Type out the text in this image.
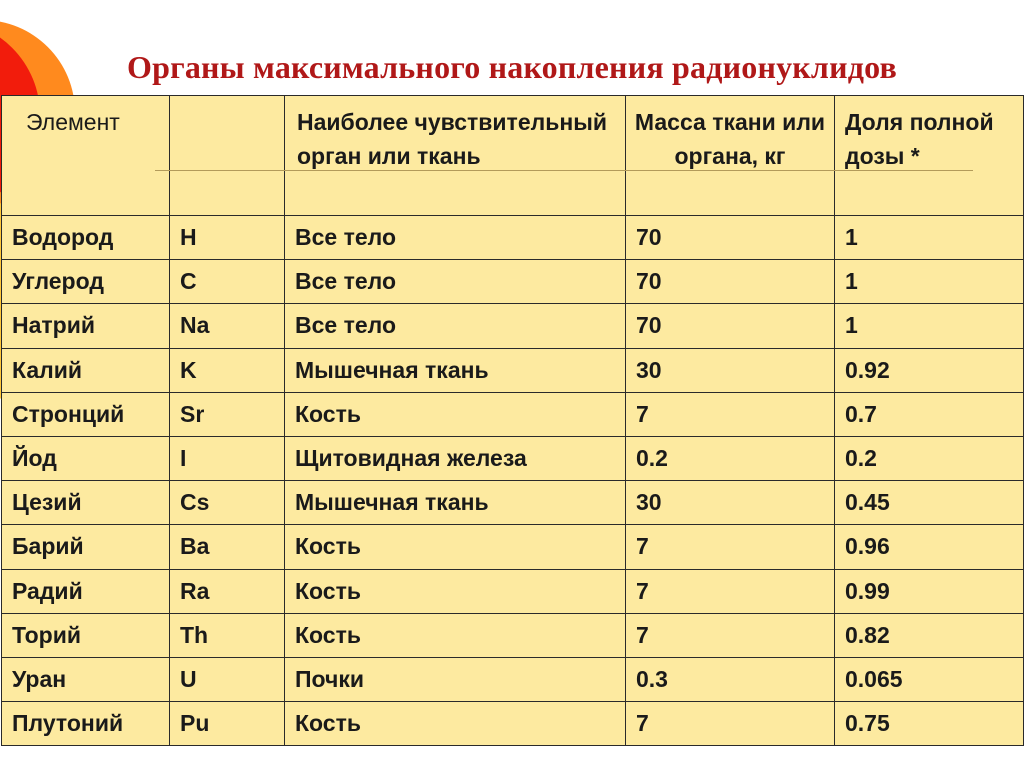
Органы максимального накопления радионуклидов
Элемент		Наиболее чувствительный орган или ткань	Масса ткани или органа, кг	Доля полной дозы *
Водород	H	Все тело	70	1
Углерод	C	Все тело	70	1
Натрий	Na	Все тело	70	1
Калий	K	Мышечная ткань	30	0.92
Стронций	Sr	Кость	7	0.7
Йод	I	Щитовидная железа	0.2	0.2
Цезий	Cs	Мышечная ткань	30	0.45
Барий	Ba	Кость	7	0.96
Радий	Ra	Кость	7	0.99
Торий	Th	Кость	7	0.82
Уран	U	Почки	0.3	0.065
Плутоний	Pu	Кость	7	0.75
